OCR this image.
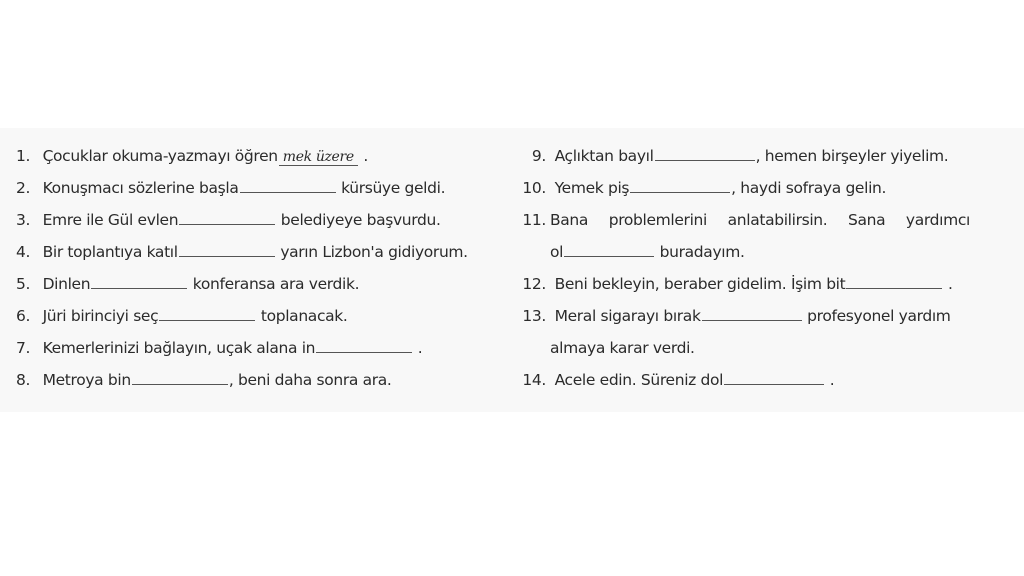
1. Çocuklar okuma-yazmayı öğren mek üzere .
2. Konuşmacı sözlerine başla	kürsüye geldi.
3. Emre ile Gül evlen	belediyeye başvurdu.
4. Bir toplantıya katıl	yarın Lizbon'a gidiyorum.
5. Dinlen	konferansa ara verdik.
6. Jüri birinciyi seç	toplanacak.
7. Kemerlerinizi bağlayın, uçak alana in	.
8. Metroya bin	, beni daha sonra ara.
9. Açlıktan bayıl	, hemen birşeyler yiyelim.
10. Yemek piş	, haydi sofraya gelin.
11. Bana problemlerini anlatabilirsin. Sana yardımcı
ol	buradayım.
12. Beni bekleyin, beraber gidelim. İşim bit	.
13. Meral sigarayı bırak	profesyonel yardım
almaya karar verdi.
14. Acele edin. Süreniz dol	.
